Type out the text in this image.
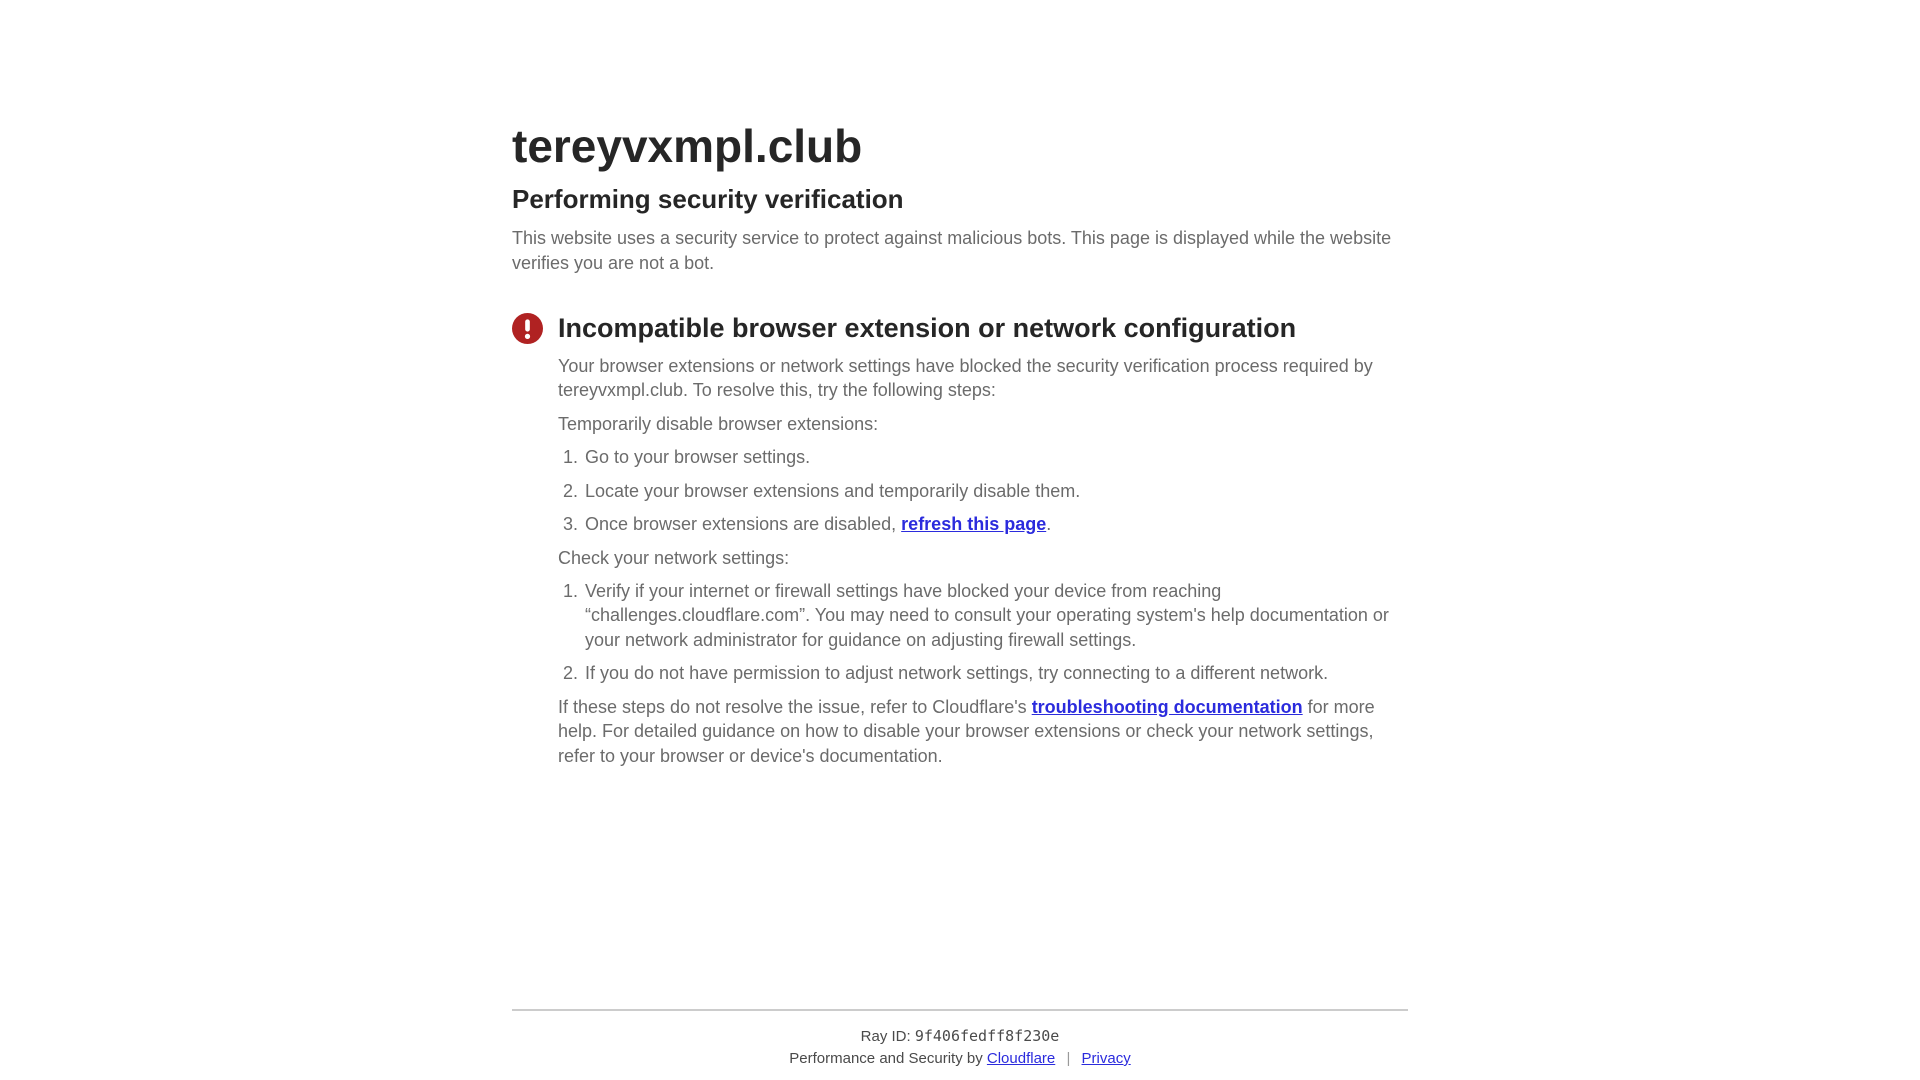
tereyvxmpl.club
Performing security verification

This website uses a security service to protect against malicious bots. This page is displayed while the website verifies you are not a bot.

Incompatible browser extension or network configuration

Your browser extensions or network settings have blocked the security verification process required by tereyvxmpl.club. To resolve this, try the following steps:

Temporarily disable browser extensions:

1. Go to your browser settings.
2. Locate your browser extensions and temporarily disable them.
3. Once browser extensions are disabled, refresh this page.

Check your network settings:

1. Verify if your internet or firewall settings have blocked your device from reaching “challenges.cloudflare.com”. You may need to consult your operating system's help documentation or your network administrator for guidance on adjusting firewall settings.
2. If you do not have permission to adjust network settings, try connecting to a different network.

If these steps do not resolve the issue, refer to Cloudflare's troubleshooting documentation for more help. For detailed guidance on how to disable your browser extensions or check your network settings, refer to your browser or device's documentation.

Ray ID: 9f406fedff8f230e
Performance and Security by Cloudflare | Privacy
